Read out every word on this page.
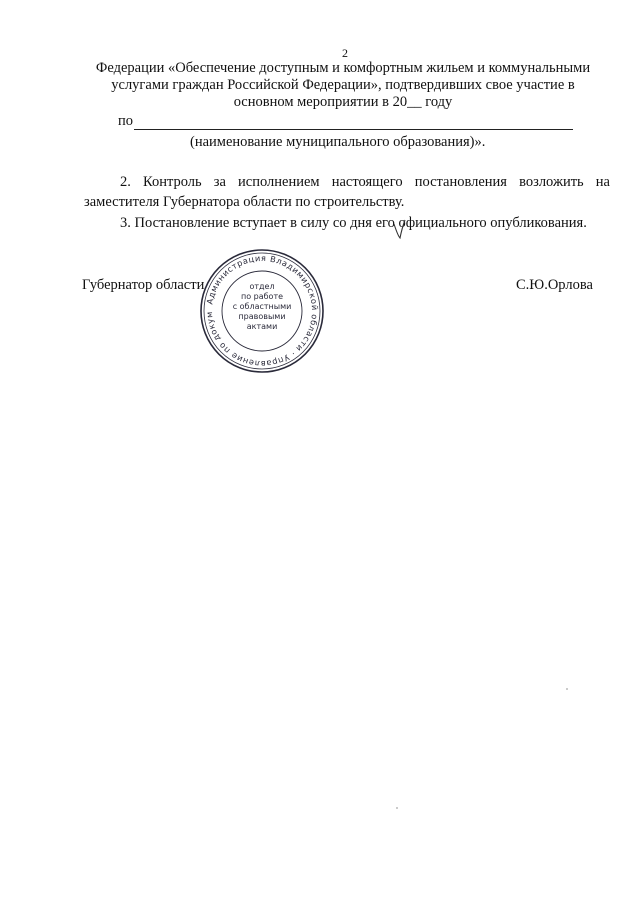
2
Федерации «Обеспечение доступным и комфортным жильем и коммунальными
услугами граждан Российской Федерации», подтвердивших свое участие в
основном мероприятии в 20__ году
по
(наименование муниципального образования)».
2. Контроль за исполнением настоящего постановления возложить на заместителя Губернатора области по строительству.
3. Постановление вступает в силу со дня его официального опубликования.
Губернатор области	С.Ю.Орлова
Администрация Владимирской области · Управление по докум
отдел
по работе
с областными
правовыми
актами
